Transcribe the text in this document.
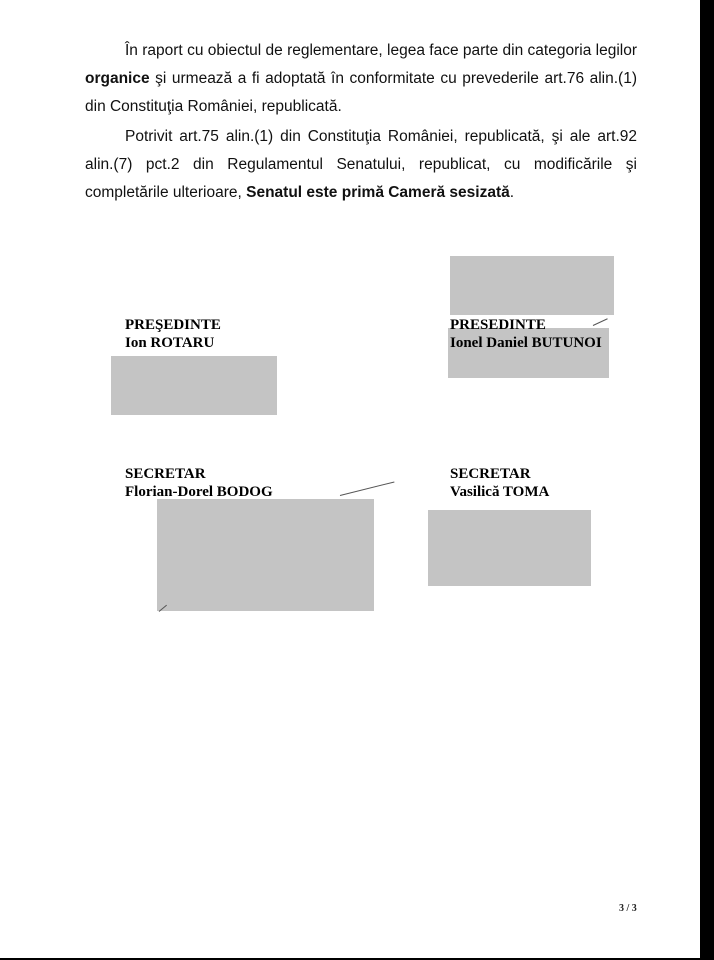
În raport cu obiectul de reglementare, legea face parte din categoria legilor organice şi urmează a fi adoptată în conformitate cu prevederile art.76 alin.(1) din Constituţia României, republicată.

Potrivit art.75 alin.(1) din Constituţia României, republicată, şi ale art.92 alin.(7) pct.2 din Regulamentul Senatului, republicat, cu modificările şi completările ulterioare, Senatul este primă Cameră sesizată.

PREŞEDINTE
Ion ROTARU
PRESEDINTE
Ionel Daniel BUTUNOI
SECRETAR
Florian-Dorel BODOG
SECRETAR
Vasilică TOMA
3 / 3
